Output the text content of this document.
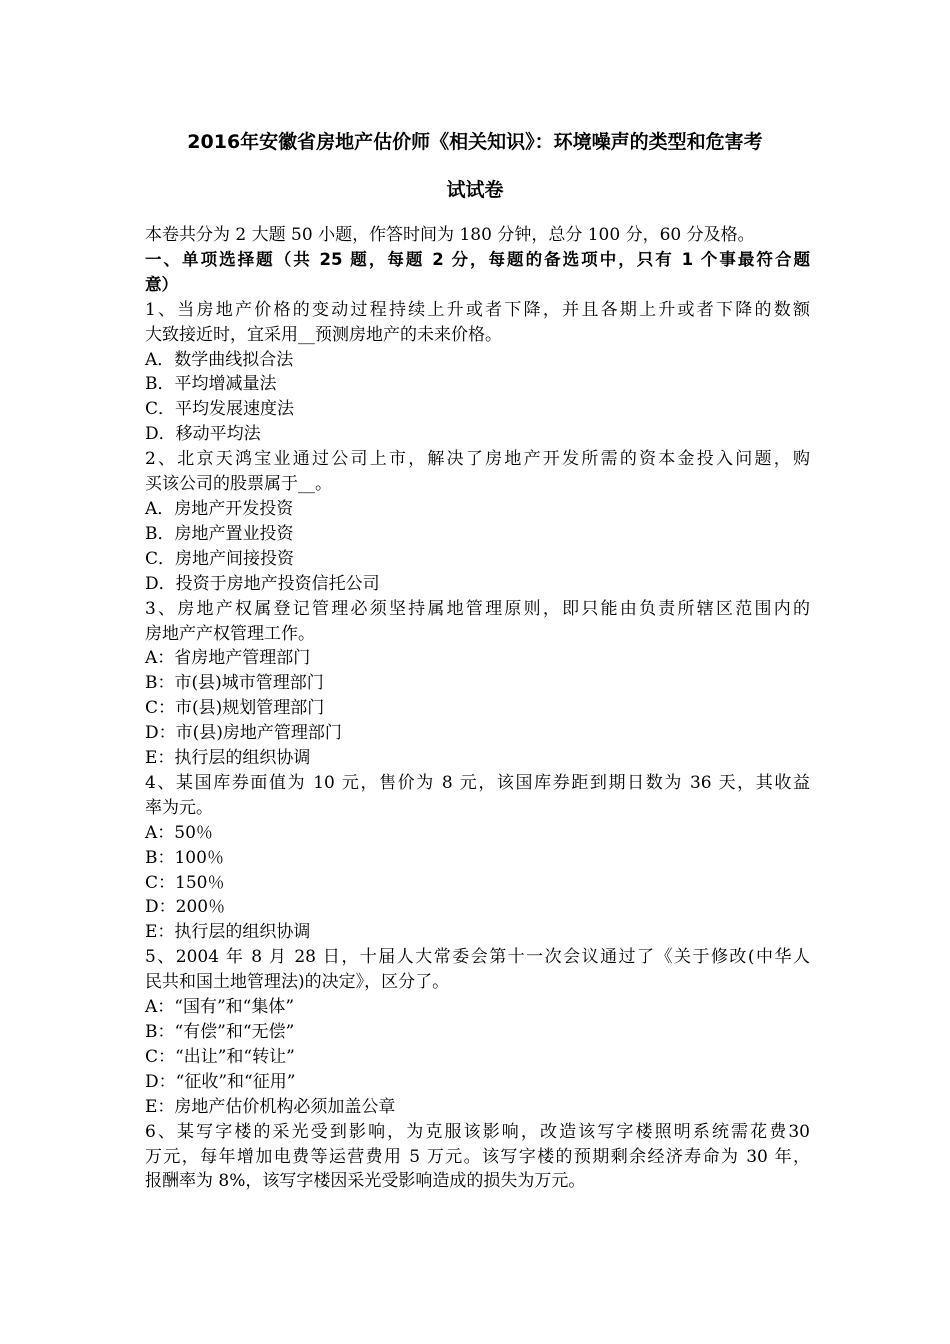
2016年安徽省房地产估价师《相关知识》：环境噪声的类型和危害考
试试卷

本卷共分为 2 大题 50 小题，作答时间为 180 分钟，总分 100 分，60 分及格。

一、单项选择题（共 25 题，每题 2 分，每题的备选项中，只有 1 个事最符合题

意）

1、当房地产价格的变动过程持续上升或者下降，并且各期上升或者下降的数额

大致接近时，宜采用__预测房地产的未来价格。

A．数学曲线拟合法

B．平均增减量法

C．平均发展速度法

D．移动平均法

2、北京天鸿宝业通过公司上市，解决了房地产开发所需的资本金投入问题，购

买该公司的股票属于__。

A．房地产开发投资

B．房地产置业投资

C．房地产间接投资

D．投资于房地产投资信托公司

3、房地产权属登记管理必须坚持属地管理原则，即只能由负责所辖区范围内的

房地产产权管理工作。

A：省房地产管理部门

B：市(县)城市管理部门

C：市(县)规划管理部门

D：市(县)房地产管理部门

E：执行层的组织协调

4、某国库券面值为 10 元，售价为 8 元，该国库券距到期日数为 36 天，其收益

率为元。

A：50％

B：100％

C：150％

D：200％

E：执行层的组织协调

5、2004 年 8 月 28 日，十届人大常委会第十一次会议通过了《关于修改(中华人

民共和国土地管理法)的决定》，区分了。

A：“国有”和“集体”

B：“有偿”和“无偿”

C：“出让”和“转让”

D：“征收”和“征用”

E：房地产估价机构必须加盖公章

6、某写字楼的采光受到影响，为克服该影响，改造该写字楼照明系统需花费30

万元，每年增加电费等运营费用 5 万元。该写字楼的预期剩余经济寿命为 30 年，

报酬率为 8%，该写字楼因采光受影响造成的损失为万元。
